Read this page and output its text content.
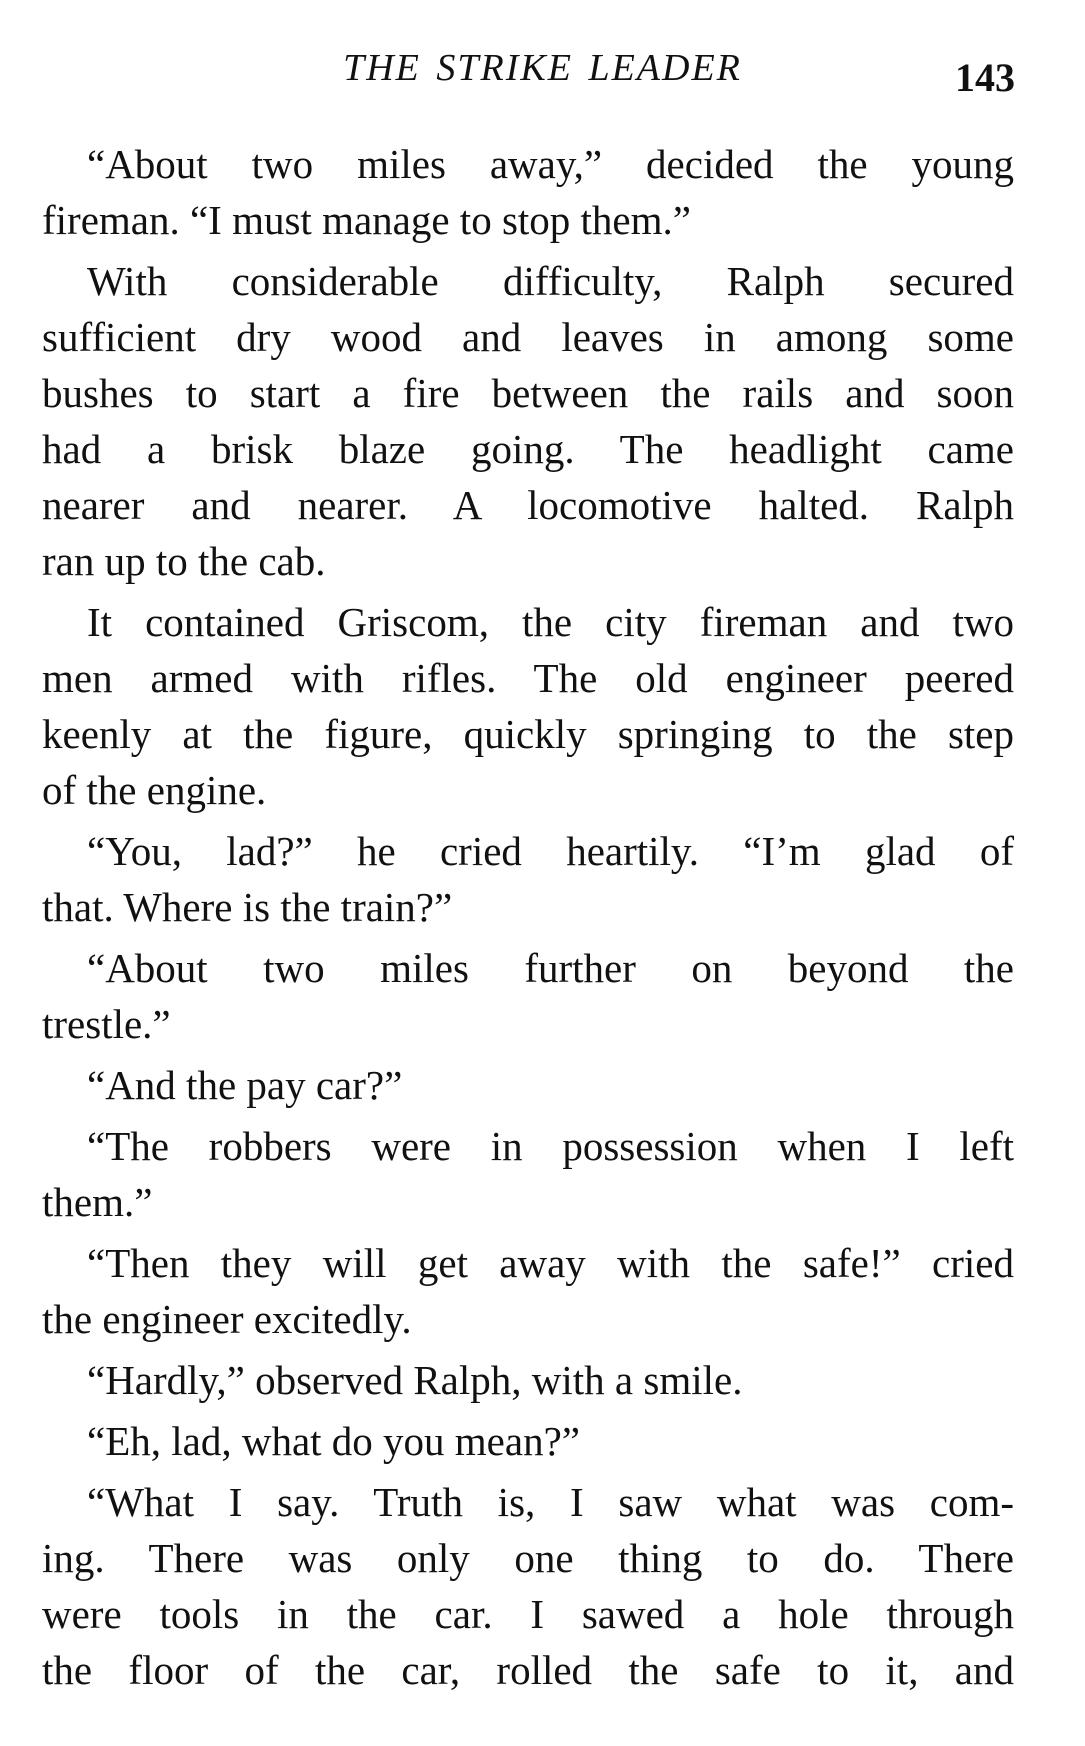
THE STRIKE LEADER	143
“About two miles away,” decided the young
fireman. “I must manage to stop them.”
With considerable difficulty, Ralph secured
sufficient dry wood and leaves in among some
bushes to start a fire between the rails and soon
had a brisk blaze going. The headlight came
nearer and nearer. A locomotive halted. Ralph
ran up to the cab.
It contained Griscom, the city fireman and two
men armed with rifles. The old engineer peered
keenly at the figure, quickly springing to the step
of the engine.
“You, lad?” he cried heartily. “I’m glad of
that. Where is the train?”
“About two miles further on beyond the
trestle.”
“And the pay car?”
“The robbers were in possession when I left
them.”
“Then they will get away with the safe!” cried
the engineer excitedly.
“Hardly,” observed Ralph, with a smile.
“Eh, lad, what do you mean?”
“What I say. Truth is, I saw what was com-
ing. There was only one thing to do. There
were tools in the car. I sawed a hole through
the floor of the car, rolled the safe to it, and
